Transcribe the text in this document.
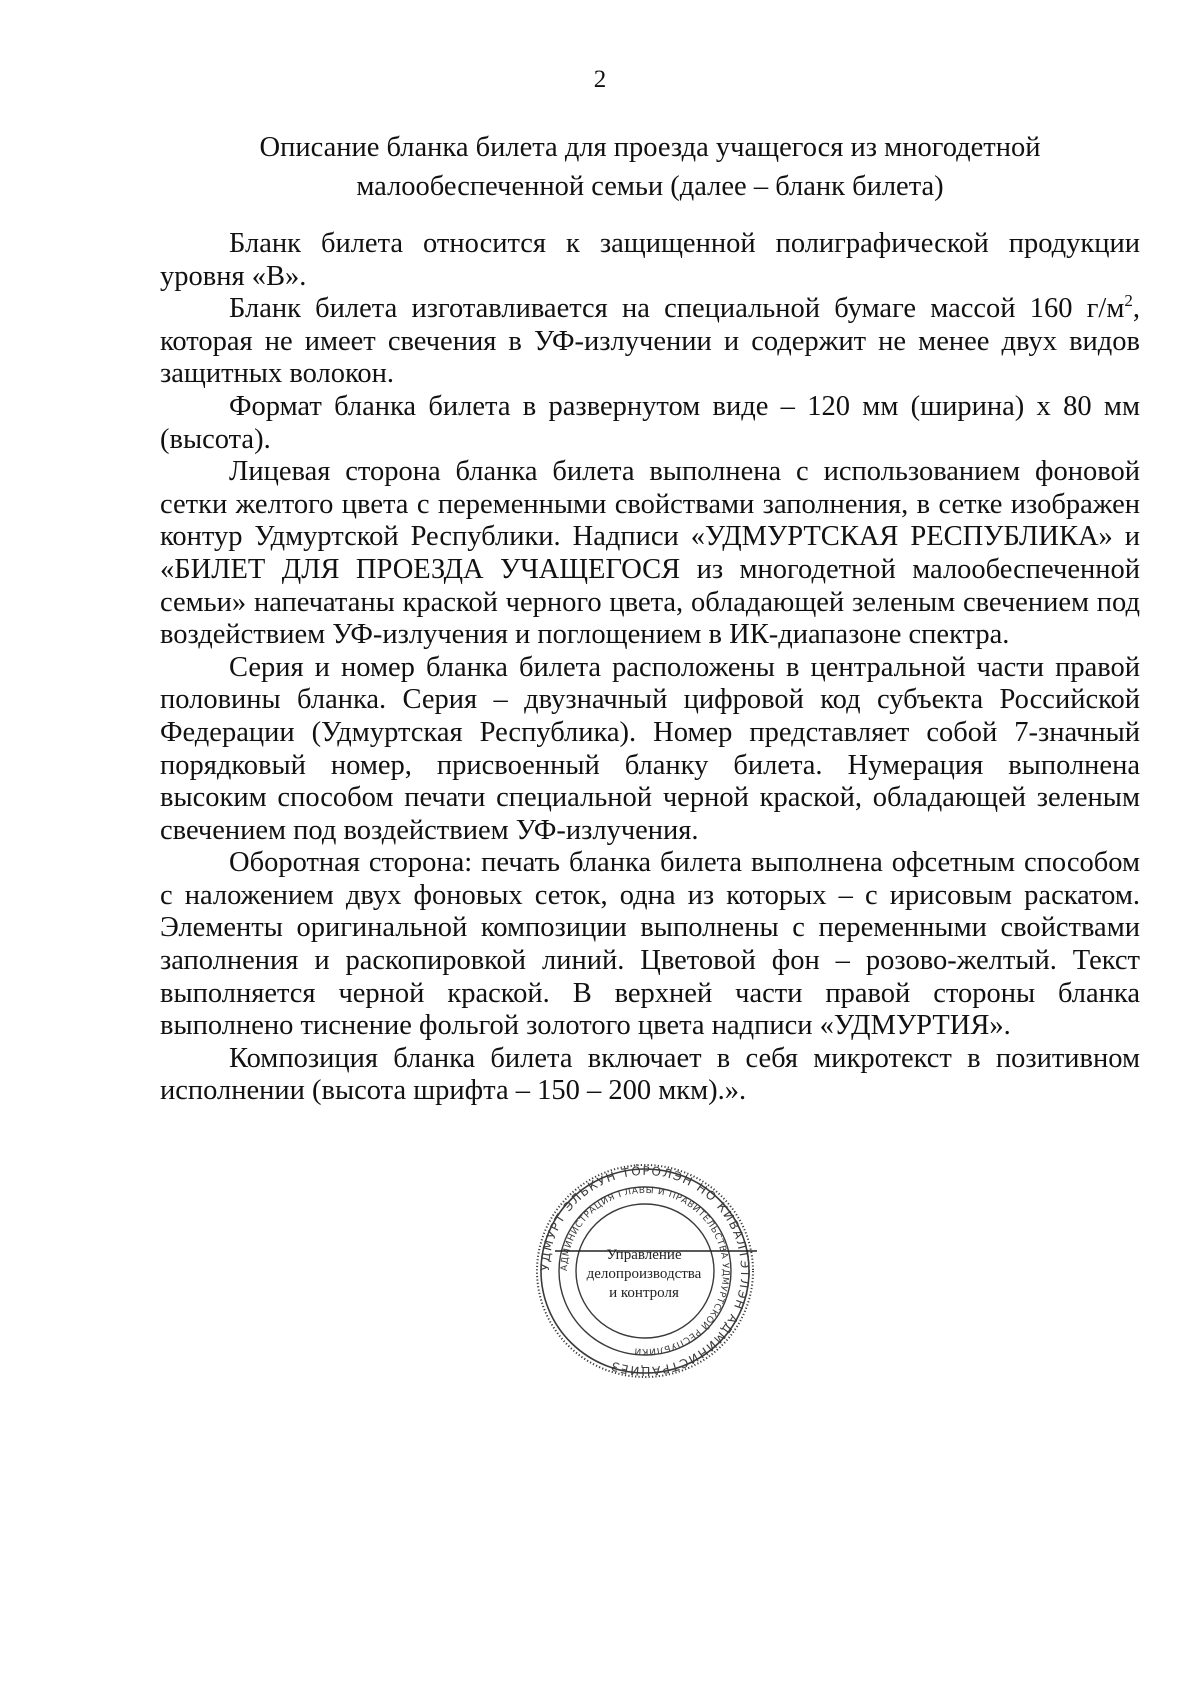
2
Описание бланка билета для проезда учащегося из многодетной
малообеспеченной семьи (далее – бланк билета)

Бланк билета относится к защищенной полиграфической продукции уровня «В».

Бланк билета изготавливается на специальной бумаге массой 160 $г/м^2$, которая не имеет свечения в УФ-излучении и содержит не менее двух видов защитных волокон.

Формат бланка билета в развернутом виде – 120 мм (ширина) х 80 мм (высота).

Лицевая сторона бланка билета выполнена с использованием фоновой сетки желтого цвета с переменными свойствами заполнения, в сетке изображен контур Удмуртской Республики. Надписи «УДМУРТСКАЯ РЕСПУБЛИКА» и «БИЛЕТ ДЛЯ ПРОЕЗДА УЧАЩЕГОСЯ из многодетной малообеспеченной семьи» напечатаны краской черного цвета, обладающей зеленым свечением под воздействием УФ-излучения и поглощением в ИК-диапазоне спектра.

Серия и номер бланка билета расположены в центральной части правой половины бланка. Серия – двузначный цифровой код субъекта Российской Федерации (Удмуртская Республика). Номер представляет собой 7-значный порядковый номер, присвоенный бланку билета. Нумерация выполнена высоким способом печати специальной черной краской, обладающей зеленым свечением под воздействием УФ-излучения.

Оборотная сторона: печать бланка билета выполнена офсетным способом с наложением двух фоновых сеток, одна из которых – с ирисовым раскатом. Элементы оригинальной композиции выполнены с переменными свойствами заполнения и раскопировкой линий. Цветовой фон – розово-желтый. Текст выполняется черной краской. В верхней части правой стороны бланка выполнено тиснение фольгой золотого цвета надписи «УДМУРТИЯ».

Композиция бланка билета включает в себя микротекст в позитивном исполнении (высота шрифта – 150 – 200 мкм).».

УДМУРТ ЭЛЬКУН ТӦРОЛЭН НО КИВАЛТЭТЛЭН АДМИНИСТРАЦИЕЗ
АДМИНИСТРАЦИЯ ГЛАВЫ И ПРАВИТЕЛЬСТВА УДМУРТСКОЙ РЕСПУБЛИКИ
Управление
делопроизводства
и контроля
